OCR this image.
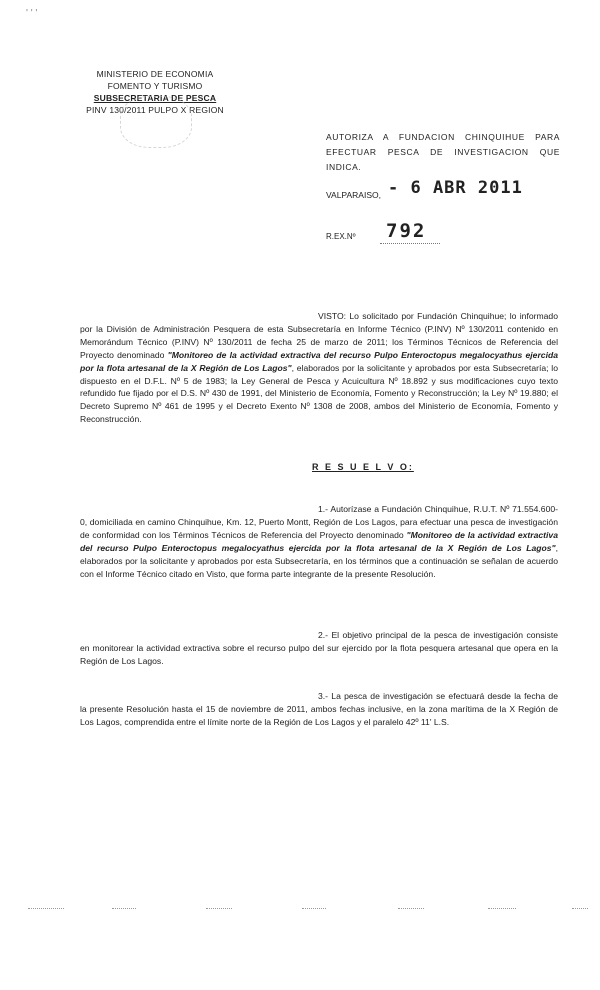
' ' '
MINISTERIO DE ECONOMIA
FOMENTO Y TURISMO
SUBSECRETARIA DE PESCA
PINV 130/2011 PULPO X REGION
AUTORIZA A FUNDACION CHINQUIHUE PARA EFECTUAR PESCA DE INVESTIGACION QUE INDICA.
VALPARAISO, - 6 ABR 2011
R.EX.Nº 792
VISTO: Lo solicitado por Fundación Chinquihue; lo informado por la División de Administración Pesquera de esta Subsecretaría en Informe Técnico (P.INV) Nº 130/2011 contenido en Memorándum Técnico (P.INV) Nº 130/2011 de fecha 25 de marzo de 2011; los Términos Técnicos de Referencia del Proyecto denominado "Monitoreo de la actividad extractiva del recurso Pulpo Enteroctopus megalocyathus ejercida por la flota artesanal de la X Región de Los Lagos", elaborados por la solicitante y aprobados por esta Subsecretaría; lo dispuesto en el D.F.L. Nº 5 de 1983; la Ley General de Pesca y Acuicultura Nº 18.892 y sus modificaciones cuyo texto refundido fue fijado por el D.S. Nº 430 de 1991, del Ministerio de Economía, Fomento y Reconstrucción; la Ley Nº 19.880; el Decreto Supremo Nº 461 de 1995 y el Decreto Exento Nº 1308 de 2008, ambos del Ministerio de Economía, Fomento y Reconstrucción.
R E S U E L V O:
1.- Autorízase a Fundación Chinquihue, R.U.T. Nº 71.554.600-0, domiciliada en camino Chinquihue, Km. 12, Puerto Montt, Región de Los Lagos, para efectuar una pesca de investigación de conformidad con los Términos Técnicos de Referencia del Proyecto denominado "Monitoreo de la actividad extractiva del recurso Pulpo Enteroctopus megalocyathus ejercida por la flota artesanal de la X Región de Los Lagos", elaborados por la solicitante y aprobados por esta Subsecretaría, en los términos que a continuación se señalan de acuerdo con el Informe Técnico citado en Visto, que forma parte integrante de la presente Resolución.
2.- El objetivo principal de la pesca de investigación consiste en monitorear la actividad extractiva sobre el recurso pulpo del sur ejercido por la flota pesquera artesanal que opera en la Región de Los Lagos.
3.- La pesca de investigación se efectuará desde la fecha de la presente Resolución hasta el 15 de noviembre de 2011, ambos fechas inclusive, en la zona marítima de la X Región de Los Lagos, comprendida entre el límite norte de la Región de Los Lagos y el paralelo 42º 11' L.S.
